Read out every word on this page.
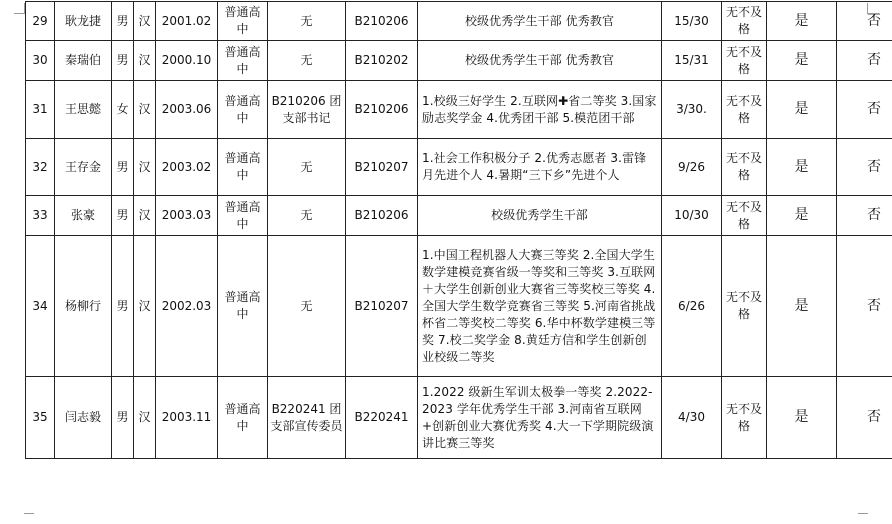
29	耿龙捷	男	汉	2001.02	普通高中	无	B210206	校级优秀学生干部 优秀教官	15/30	无不及格	是	否
30	秦瑞伯	男	汉	2000.10	普通高中	无	B210202	校级优秀学生干部 优秀教官	15/31	无不及格	是	否
31	王思懿	女	汉	2003.06	普通高中	B210206 团支部书记	B210206	1.校级三好学生 2.互联网✚省二等奖 3.国家励志奖学金 4.优秀团干部 5.模范团干部	3/30.	无不及格	是	否
32	王存金	男	汉	2003.02	普通高中	无	B210207	1.社会工作积极分子 2.优秀志愿者 3.雷锋月先进个人 4.暑期“三下乡”先进个人	9/26	无不及格	是	否
33	张豪	男	汉	2003.03	普通高中	无	B210206	校级优秀学生干部	10/30	无不及格	是	否
34	杨柳行	男	汉	2002.03	普通高中	无	B210207	1.中国工程机器人大赛三等奖 2.全国大学生数学建模竞赛省级一等奖和三等奖 3.互联网＋大学生创新创业大赛省三等奖校三等奖 4.全国大学生数学竞赛省三等奖 5.河南省挑战杯省二等奖校二等奖 6.华中杯数学建模三等奖 7.校二奖学金 8.黄廷方信和学生创新创业校级二等奖	6/26	无不及格	是	否
35	闫志毅	男	汉	2003.11	普通高中	B220241 团支部宣传委员	B220241	1.2022 级新生军训太极拳一等奖 2.2022-2023 学年优秀学生干部 3.河南省互联网+创新创业大赛优秀奖 4.大一下学期院级演讲比赛三等奖	4/30	无不及格	是	否
